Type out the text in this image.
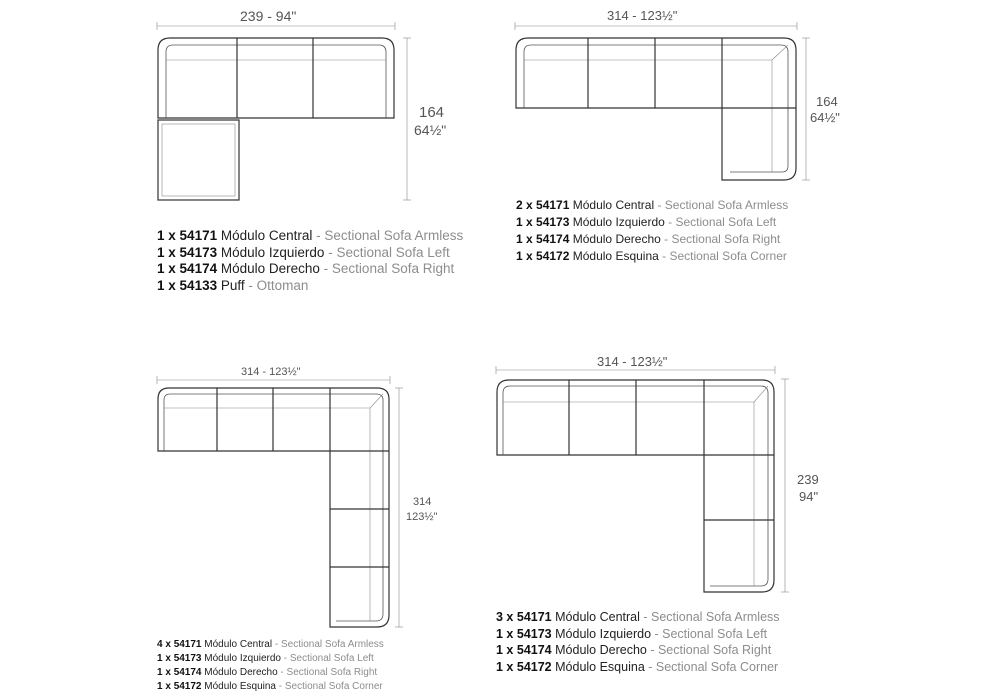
239 - 94"
164
64½"
314 - 123½"
164
64½"
314 - 123½"
314
123½"
314 - 123½"
239
94"
1 x 54171 Módulo Central - Sectional Sofa Armless
1 x 54173 Módulo Izquierdo - Sectional Sofa Left
1 x 54174 Módulo Derecho - Sectional Sofa Right
1 x 54133 Puff - Ottoman
2 x 54171 Módulo Central - Sectional Sofa Armless
1 x 54173 Módulo Izquierdo - Sectional Sofa Left
1 x 54174 Módulo Derecho - Sectional Sofa Right
1 x 54172 Módulo Esquina - Sectional Sofa Corner
4 x 54171 Módulo Central - Sectional Sofa Armless
1 x 54173 Módulo Izquierdo - Sectional Sofa Left
1 x 54174 Módulo Derecho - Sectional Sofa Right
1 x 54172 Módulo Esquina - Sectional Sofa Corner
3 x 54171 Módulo Central - Sectional Sofa Armless
1 x 54173 Módulo Izquierdo - Sectional Sofa Left
1 x 54174 Módulo Derecho - Sectional Sofa Right
1 x 54172 Módulo Esquina - Sectional Sofa Corner
